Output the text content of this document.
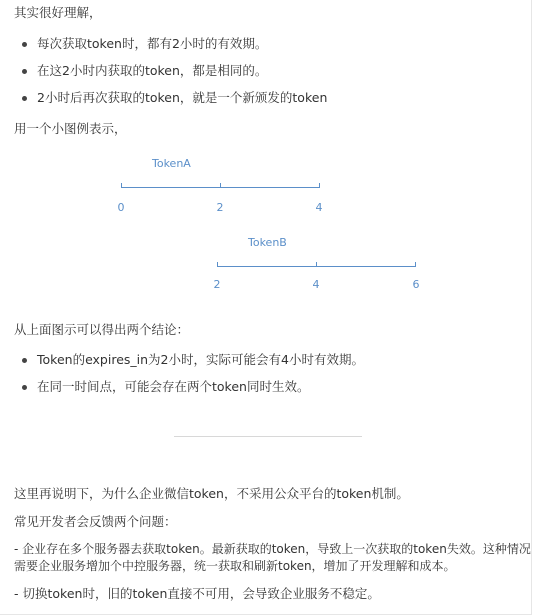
其实很好理解，
每次获取token时，都有2小时的有效期。
在这2小时内获取的token，都是相同的。
2小时后再次获取的token，就是一个新颁发的token
用一个小图例表示，
TokenA
0	2	4
TokenB
2	4	6
从上面图示可以得出两个结论：
Token的expires_in为2小时，实际可能会有4小时有效期。
在同一时间点，可能会存在两个token同时生效。
这里再说明下，为什么企业微信token，不采用公众平台的token机制。
常见开发者会反馈两个问题：
- 企业存在多个服务器去获取token。最新获取的token，导致上一次获取的token失效。这种情况
需要企业服务增加个中控服务器，统一获取和刷新token，增加了开发理解和成本。
- 切换token时，旧的token直接不可用，会导致企业服务不稳定。
